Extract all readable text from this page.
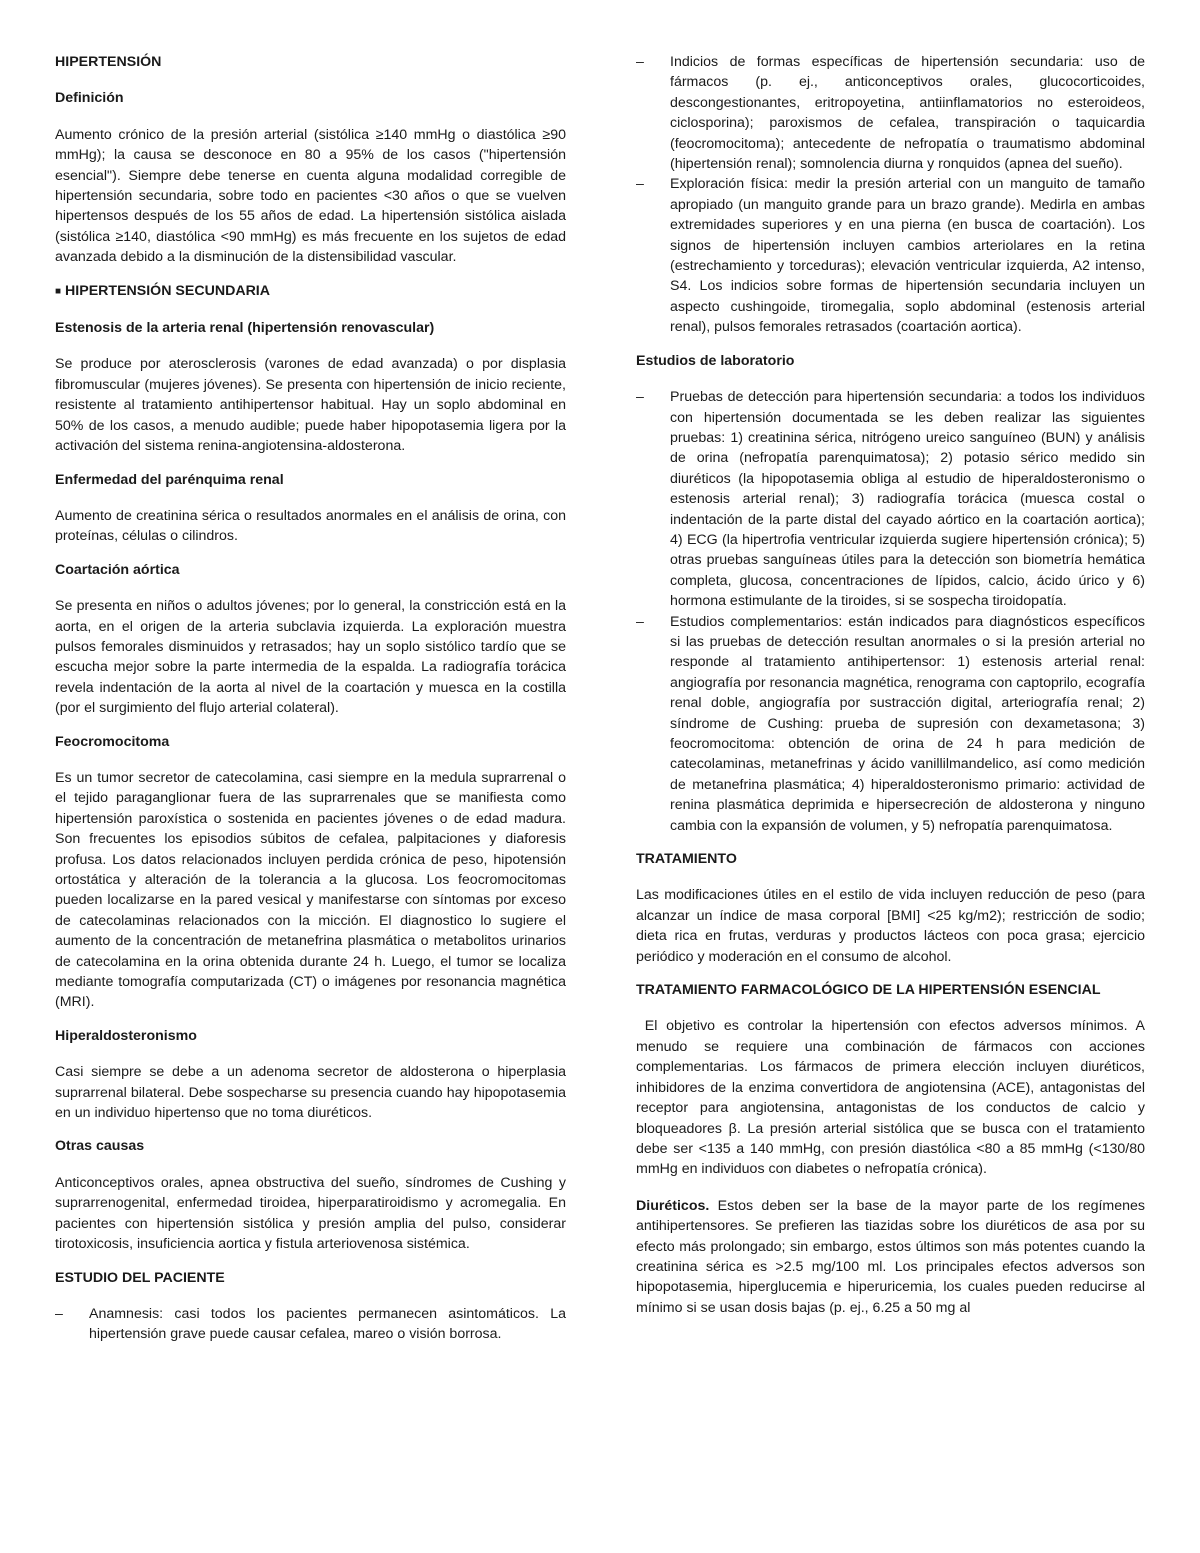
HIPERTENSIÓN
Definición

Aumento crónico de la presión arterial (sistólica ≥140 mmHg o diastólica ≥90 mmHg); la causa se desconoce en 80 a 95% de los casos ("hipertensión esencial"). Siempre debe tenerse en cuenta alguna modalidad corregible de hipertensión secundaria, sobre todo en pacientes <30 años o que se vuelven hipertensos después de los 55 años de edad. La hipertensión sistólica aislada (sistólica ≥140, diastólica <90 mmHg) es más frecuente en los sujetos de edad avanzada debido a la disminución de la distensibilidad vascular.

■ HIPERTENSIÓN SECUNDARIA
Estenosis de la arteria renal (hipertensión renovascular)

Se produce por aterosclerosis (varones de edad avanzada) o por displasia fibromuscular (mujeres jóvenes). Se presenta con hipertensión de inicio reciente, resistente al tratamiento antihipertensor habitual. Hay un soplo abdominal en 50% de los casos, a menudo audible; puede haber hipopotasemia ligera por la activación del sistema renina-angiotensina-aldosterona.

Enfermedad del parénquima renal

Aumento de creatinina sérica o resultados anormales en el análisis de orina, con proteínas, células o cilindros.

Coartación aórtica

Se presenta en niños o adultos jóvenes; por lo general, la constricción está en la aorta, en el origen de la arteria subclavia izquierda. La exploración muestra pulsos femorales disminuidos y retrasados; hay un soplo sistólico tardío que se escucha mejor sobre la parte intermedia de la espalda. La radiografía torácica revela indentación de la aorta al nivel de la coartación y muesca en la costilla (por el surgimiento del flujo arterial colateral).

Feocromocitoma

Es un tumor secretor de catecolamina, casi siempre en la medula suprarrenal o el tejido paraganglionar fuera de las suprarrenales que se manifiesta como hipertensión paroxística o sostenida en pacientes jóvenes o de edad madura. Son frecuentes los episodios súbitos de cefalea, palpitaciones y diaforesis profusa. Los datos relacionados incluyen perdida crónica de peso, hipotensión ortostática y alteración de la tolerancia a la glucosa. Los feocromocitomas pueden localizarse en la pared vesical y manifestarse con síntomas por exceso de catecolaminas relacionados con la micción. El diagnostico lo sugiere el aumento de la concentración de metanefrina plasmática o metabolitos urinarios de catecolamina en la orina obtenida durante 24 h. Luego, el tumor se localiza mediante tomografía computarizada (CT) o imágenes por resonancia magnética (MRI).

Hiperaldosteronismo

Casi siempre se debe a un adenoma secretor de aldosterona o hiperplasia suprarrenal bilateral. Debe sospecharse su presencia cuando hay hipopotasemia en un individuo hipertenso que no toma diuréticos.

Otras causas

Anticonceptivos orales, apnea obstructiva del sueño, síndromes de Cushing y suprarrenogenital, enfermedad tiroidea, hiperparatiroidismo y acromegalia. En pacientes con hipertensión sistólica y presión amplia del pulso, considerar tirotoxicosis, insuficiencia aortica y fistula arteriovenosa sistémica.

ESTUDIO DEL PACIENTE
– Anamnesis: casi todos los pacientes permanecen asintomáticos. La hipertensión grave puede causar cefalea, mareo o visión borrosa.
– Indicios de formas específicas de hipertensión secundaria: uso de fármacos (p. ej., anticonceptivos orales, glucocorticoides, descongestionantes, eritropoyetina, antiinflamatorios no esteroideos, ciclosporina); paroxismos de cefalea, transpiración o taquicardia (feocromocitoma); antecedente de nefropatía o traumatismo abdominal (hipertensión renal); somnolencia diurna y ronquidos (apnea del sueño).
– Exploración física: medir la presión arterial con un manguito de tamaño apropiado (un manguito grande para un brazo grande). Medirla en ambas extremidades superiores y en una pierna (en busca de coartación). Los signos de hipertensión incluyen cambios arteriolares en la retina (estrechamiento y torceduras); elevación ventricular izquierda, A2 intenso, S4. Los indicios sobre formas de hipertensión secundaria incluyen un aspecto cushingoide, tiromegalia, soplo abdominal (estenosis arterial renal), pulsos femorales retrasados (coartación aortica).
Estudios de laboratorio
– Pruebas de detección para hipertensión secundaria: a todos los individuos con hipertensión documentada se les deben realizar las siguientes pruebas: 1) creatinina sérica, nitrógeno ureico sanguíneo (BUN) y análisis de orina (nefropatía parenquimatosa); 2) potasio sérico medido sin diuréticos (la hipopotasemia obliga al estudio de hiperaldosteronismo o estenosis arterial renal); 3) radiografía torácica (muesca costal o indentación de la parte distal del cayado aórtico en la coartación aortica); 4) ECG (la hipertrofia ventricular izquierda sugiere hipertensión crónica); 5) otras pruebas sanguíneas útiles para la detección son biometría hemática completa, glucosa, concentraciones de lípidos, calcio, ácido úrico y 6) hormona estimulante de la tiroides, si se sospecha tiroidopatía.
– Estudios complementarios: están indicados para diagnósticos específicos si las pruebas de detección resultan anormales o si la presión arterial no responde al tratamiento antihipertensor: 1) estenosis arterial renal: angiografía por resonancia magnética, renograma con captoprilo, ecografía renal doble, angiografía por sustracción digital, arteriografía renal; 2) síndrome de Cushing: prueba de supresión con dexametasona; 3) feocromocitoma: obtención de orina de 24 h para medición de catecolaminas, metanefrinas y ácido vanillilmandelico, así como medición de metanefrina plasmática; 4) hiperaldosteronismo primario: actividad de renina plasmática deprimida e hipersecreción de aldosterona y ninguno cambia con la expansión de volumen, y 5) nefropatía parenquimatosa.
TRATAMIENTO

Las modificaciones útiles en el estilo de vida incluyen reducción de peso (para alcanzar un índice de masa corporal [BMI] <25 kg/m2); restricción de sodio; dieta rica en frutas, verduras y productos lácteos con poca grasa; ejercicio periódico y moderación en el consumo de alcohol.

TRATAMIENTO FARMACOLÓGICO DE LA HIPERTENSIÓN ESENCIAL

El objetivo es controlar la hipertensión con efectos adversos mínimos. A menudo se requiere una combinación de fármacos con acciones complementarias. Los fármacos de primera elección incluyen diuréticos, inhibidores de la enzima convertidora de angiotensina (ACE), antagonistas del receptor para angiotensina, antagonistas de los conductos de calcio y bloqueadores β. La presión arterial sistólica que se busca con el tratamiento debe ser <135 a 140 mmHg, con presión diastólica <80 a 85 mmHg (<130/80 mmHg en individuos con diabetes o nefropatía crónica).

Diuréticos. Estos deben ser la base de la mayor parte de los regímenes antihipertensores. Se prefieren las tiazidas sobre los diuréticos de asa por su efecto más prolongado; sin embargo, estos últimos son más potentes cuando la creatinina sérica es >2.5 mg/100 ml. Los principales efectos adversos son hipopotasemia, hiperglucemia e hiperuricemia, los cuales pueden reducirse al mínimo si se usan dosis bajas (p. ej., 6.25 a 50 mg al
